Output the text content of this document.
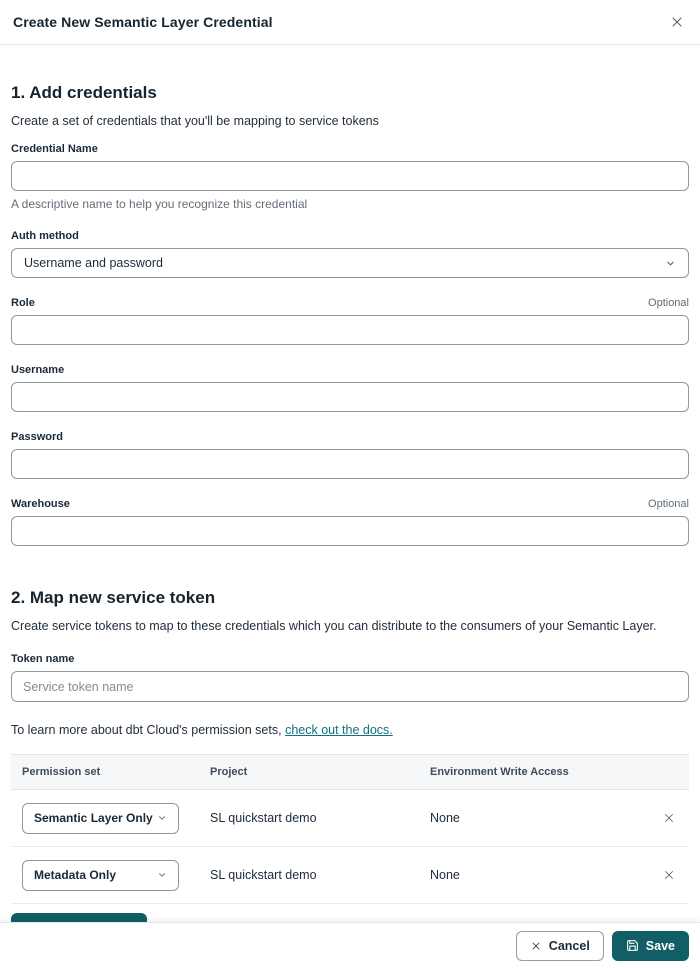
Create New Semantic Layer Credential
1. Add credentials
Create a set of credentials that you'll be mapping to service tokens
Credential Name
A descriptive name to help you recognize this credential
Auth method
Username and password
Role	Optional
Username
Password
Warehouse	Optional
2. Map new service token
Create service tokens to map to these credentials which you can distribute to the consumers of your Semantic Layer.
Token name
Service token name
To learn more about dbt Cloud's permission sets, check out the docs.
Permission set	Project	Environment Write Access
Semantic Layer Only	SL quickstart demo	None
Metadata Only	SL quickstart demo	None
Cancel	Save
